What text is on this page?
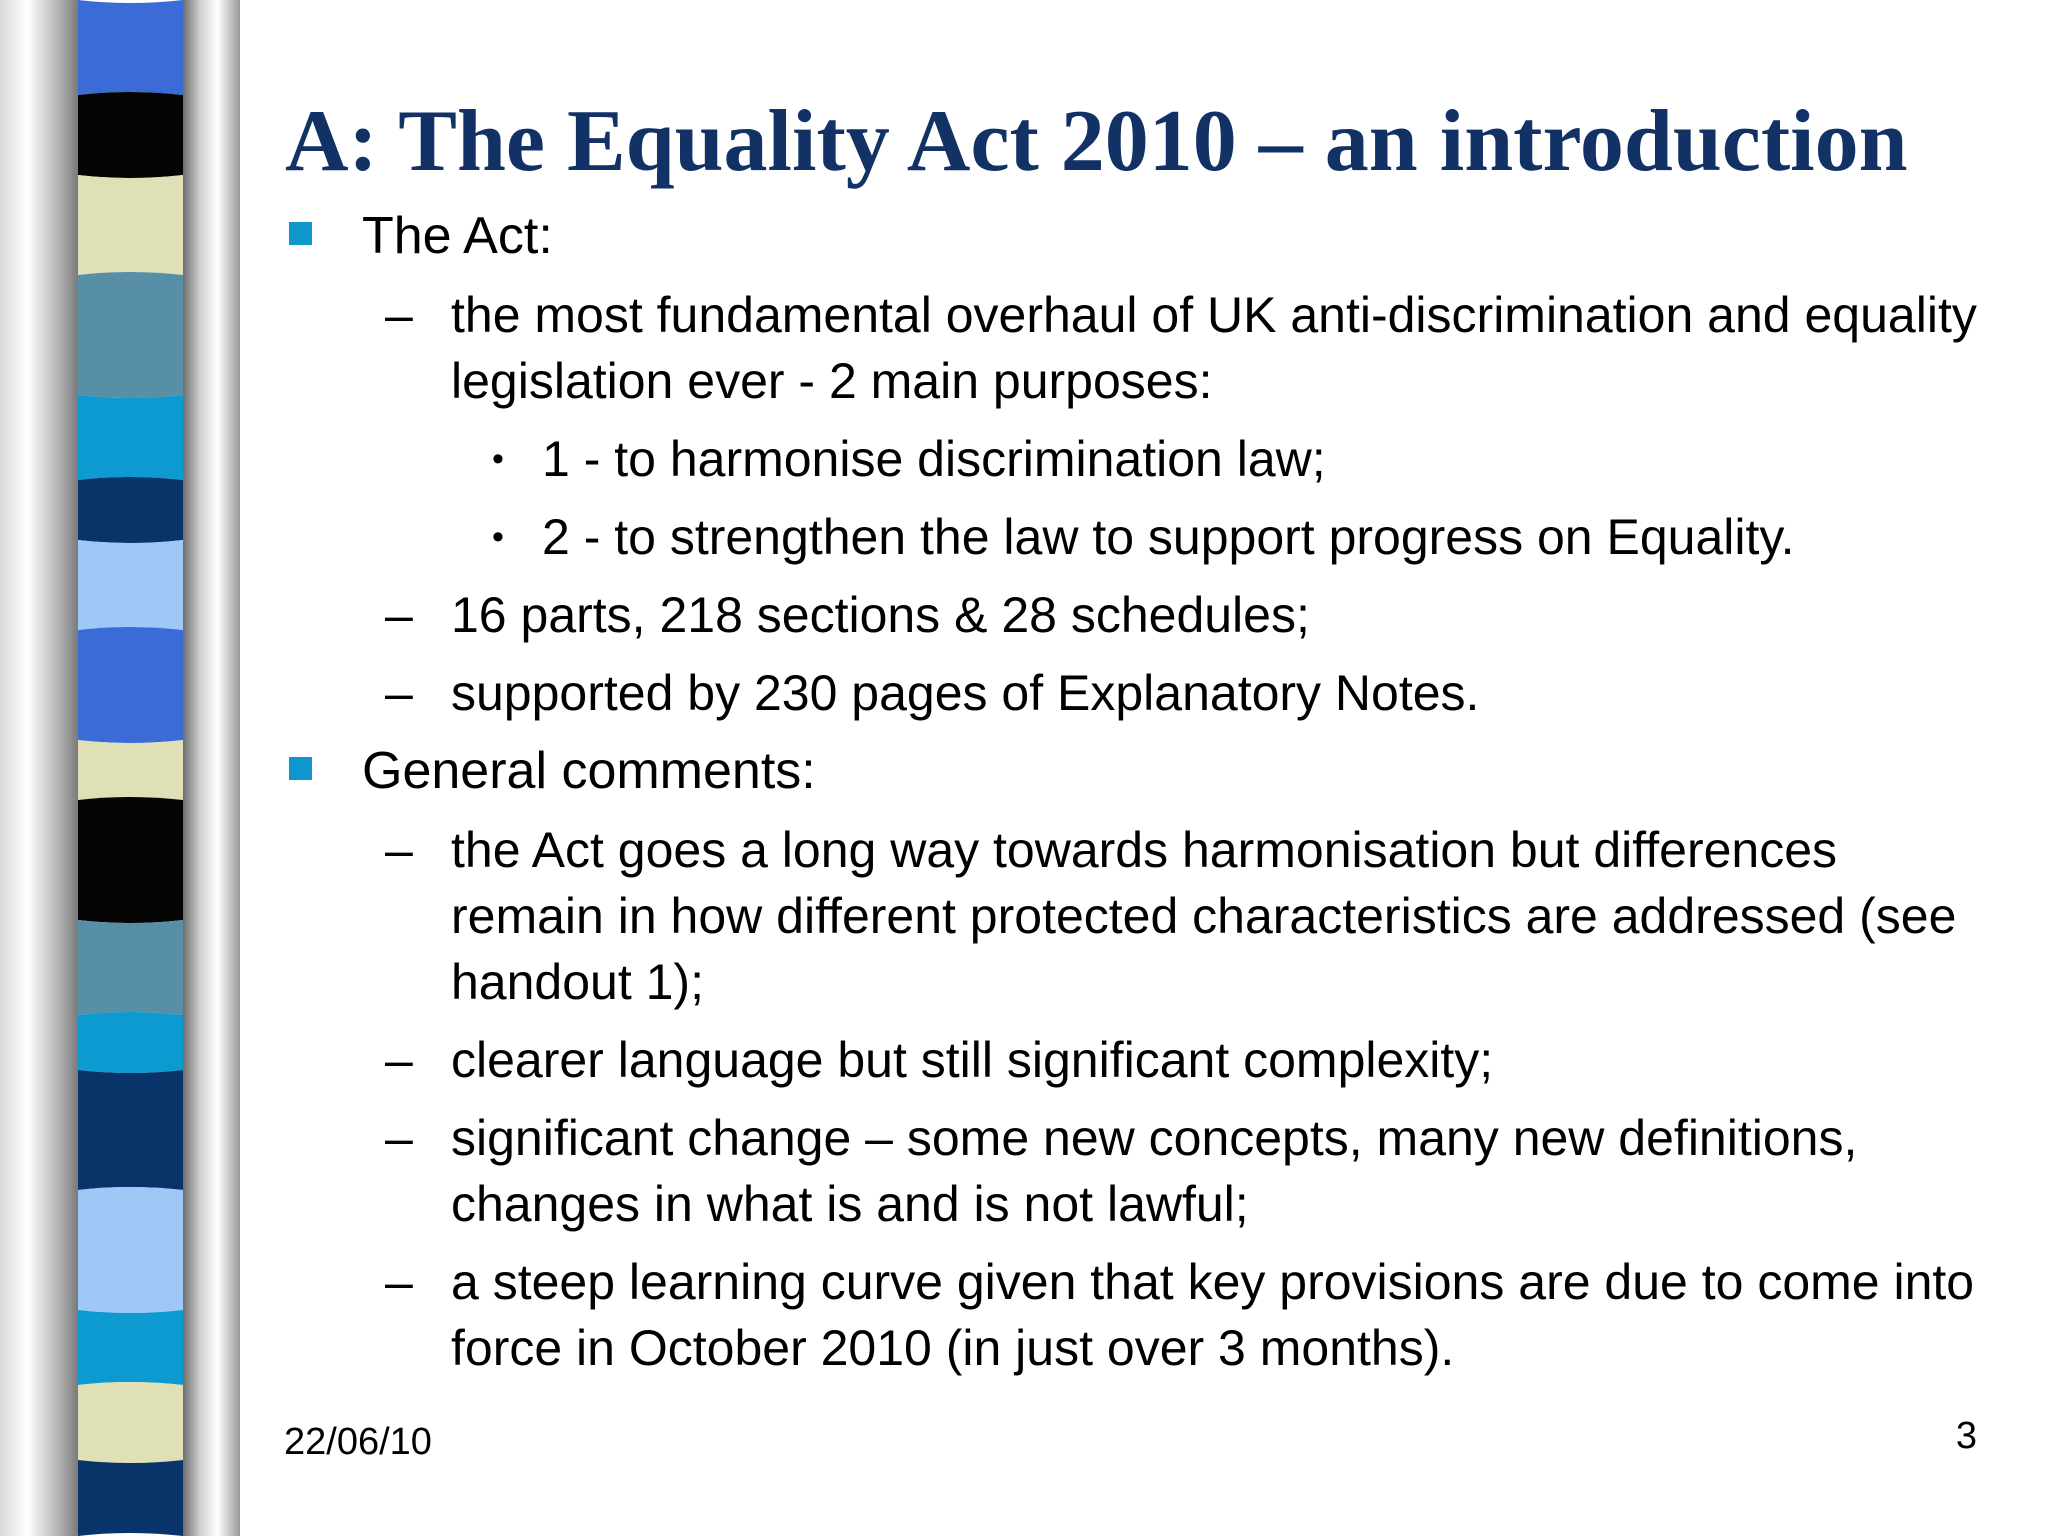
A: The Equality Act 2010 – an introduction
The Act:
– the most fundamental overhaul of UK anti-discrimination and equality legislation ever - 2 main purposes:
• 1 - to harmonise discrimination law;
• 2 - to strengthen the law to support progress on Equality.
– 16 parts, 218 sections & 28 schedules;
– supported by 230 pages of Explanatory Notes.
General comments:
– the Act goes a long way towards harmonisation but differences remain in how different protected characteristics are addressed (see handout 1);
– clearer language but still significant complexity;
– significant change – some new concepts, many new definitions, changes in what is and is not lawful;
– a steep learning curve given that key provisions are due to come into force in October 2010 (in just over 3 months).
22/06/10	3
